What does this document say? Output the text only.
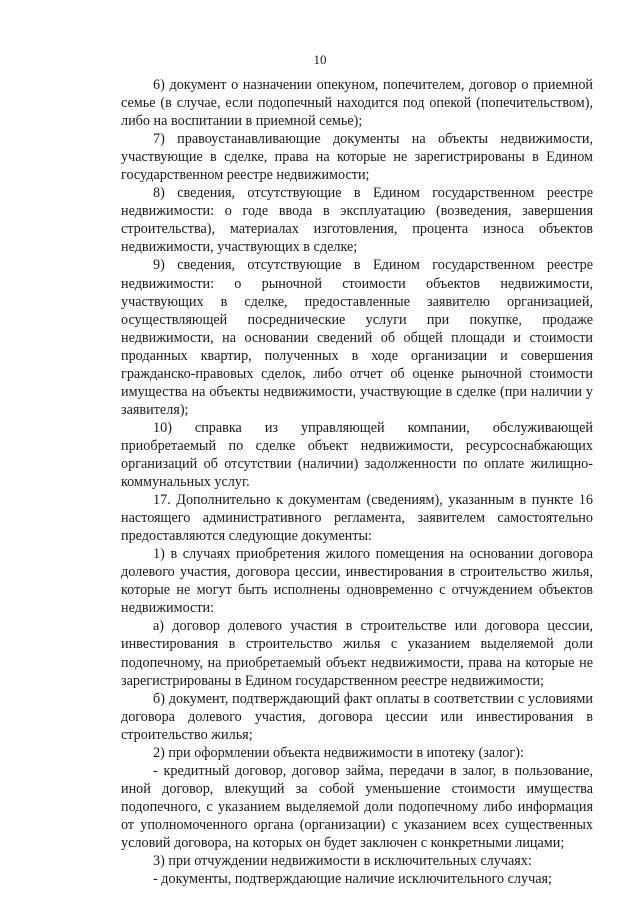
10

6) документ о назначении опекуном, попечителем, договор о приемной семье (в случае, если подопечный находится под опекой (попечительством), либо на воспитании в приемной семье);

7) правоустанавливающие документы на объекты недвижимости, участвующие в сделке, права на которые не зарегистрированы в Едином государственном реестре недвижимости;

8) сведения, отсутствующие в Едином государственном реестре недвижимости: о годе ввода в эксплуатацию (возведения, завершения строительства), материалах изготовления, процента износа объектов недвижимости, участвующих в сделке;

9) сведения, отсутствующие в Едином государственном реестре недвижимости: о рыночной стоимости объектов недвижимости, участвующих в сделке, предоставленные заявителю организацией, осуществляющей посреднические услуги при покупке, продаже недвижимости, на основании сведений об общей площади и стоимости проданных квартир, полученных в ходе организации и совершения гражданско-правовых сделок, либо отчет об оценке рыночной стоимости имущества на объекты недвижимости, участвующие в сделке (при наличии у заявителя);

10) справка из управляющей компании, обслуживающей приобретаемый по сделке объект недвижимости, ресурсоснабжающих организаций об отсутствии (наличии) задолженности по оплате жилищно-коммунальных услуг.

17. Дополнительно к документам (сведениям), указанным в пункте 16 настоящего административного регламента, заявителем самостоятельно предоставляются следующие документы:

1) в случаях приобретения жилого помещения на основании договора долевого участия, договора цессии, инвестирования в строительство жилья, которые не могут быть исполнены одновременно с отчуждением объектов недвижимости:

а) договор долевого участия в строительстве или договора цессии, инвестирования в строительство жилья с указанием выделяемой доли подопечному, на приобретаемый объект недвижимости, права на которые не зарегистрированы в Едином государственном реестре недвижимости;

б) документ, подтверждающий факт оплаты в соответствии с условиями договора долевого участия, договора цессии или инвестирования в строительство жилья;

2) при оформлении объекта недвижимости в ипотеку (залог):

- кредитный договор, договор займа, передачи в залог, в пользование, иной договор, влекущий за собой уменьшение стоимости имущества подопечного, с указанием выделяемой доли подопечному либо информация от уполномоченного органа (организации) с указанием всех существенных условий договора, на которых он будет заключен с конкретными лицами;

3) при отчуждении недвижимости в исключительных случаях:

- документы, подтверждающие наличие исключительного случая;
